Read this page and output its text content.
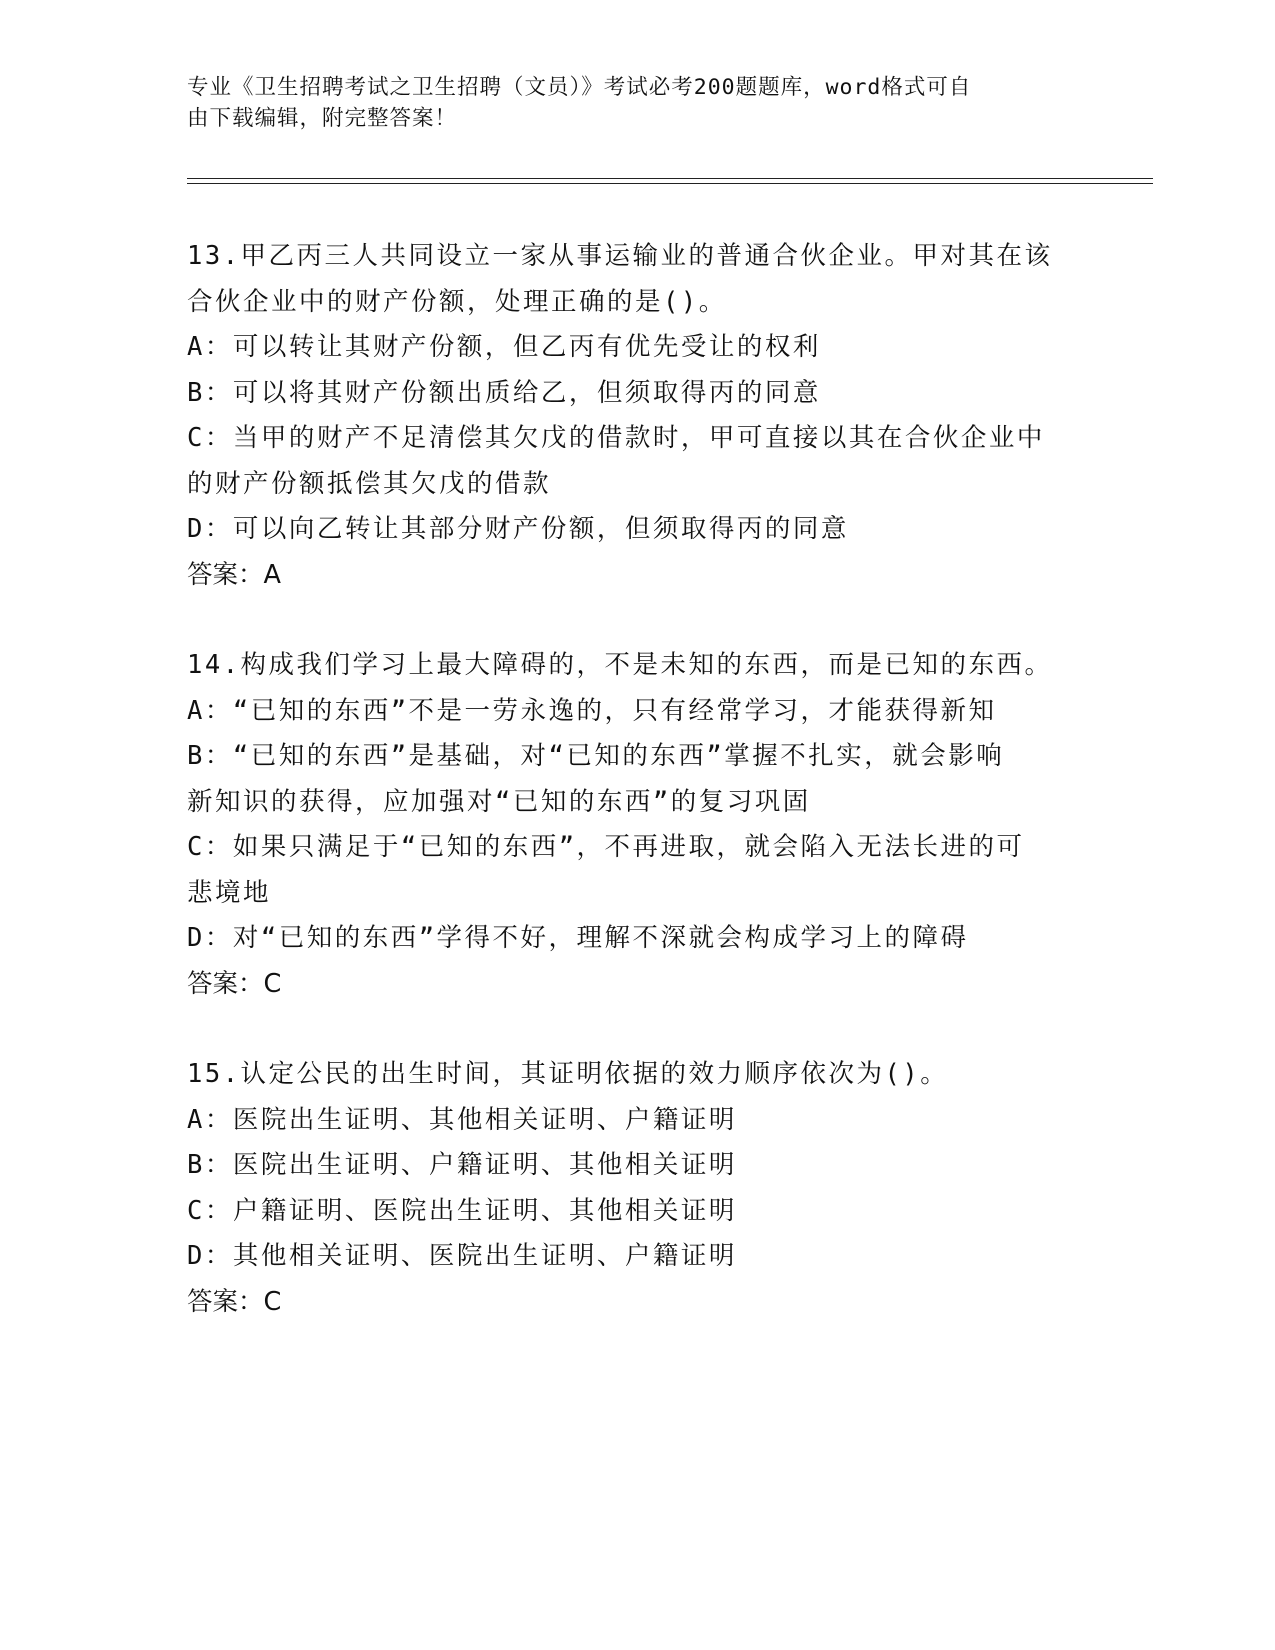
专业《卫生招聘考试之卫生招聘（文员）》考试必考200题题库，word格式可自
由下载编辑，附完整答案！
13.甲乙丙三人共同设立一家从事运输业的普通合伙企业。甲对其在该
合伙企业中的财产份额，处理正确的是()。
A：可以转让其财产份额，但乙丙有优先受让的权利
B：可以将其财产份额出质给乙，但须取得丙的同意
C：当甲的财产不足清偿其欠戊的借款时，甲可直接以其在合伙企业中
的财产份额抵偿其欠戊的借款
D：可以向乙转让其部分财产份额，但须取得丙的同意
答案：A
14.构成我们学习上最大障碍的，不是未知的东西，而是已知的东西。
A：“已知的东西”不是一劳永逸的，只有经常学习，才能获得新知
B：“已知的东西”是基础，对“已知的东西”掌握不扎实，就会影响
新知识的获得，应加强对“已知的东西”的复习巩固
C：如果只满足于“已知的东西”，不再进取，就会陷入无法长进的可
悲境地
D：对“已知的东西”学得不好，理解不深就会构成学习上的障碍
答案：C
15.认定公民的出生时间，其证明依据的效力顺序依次为()。
A：医院出生证明、其他相关证明、户籍证明
B：医院出生证明、户籍证明、其他相关证明
C：户籍证明、医院出生证明、其他相关证明
D：其他相关证明、医院出生证明、户籍证明
答案：C
